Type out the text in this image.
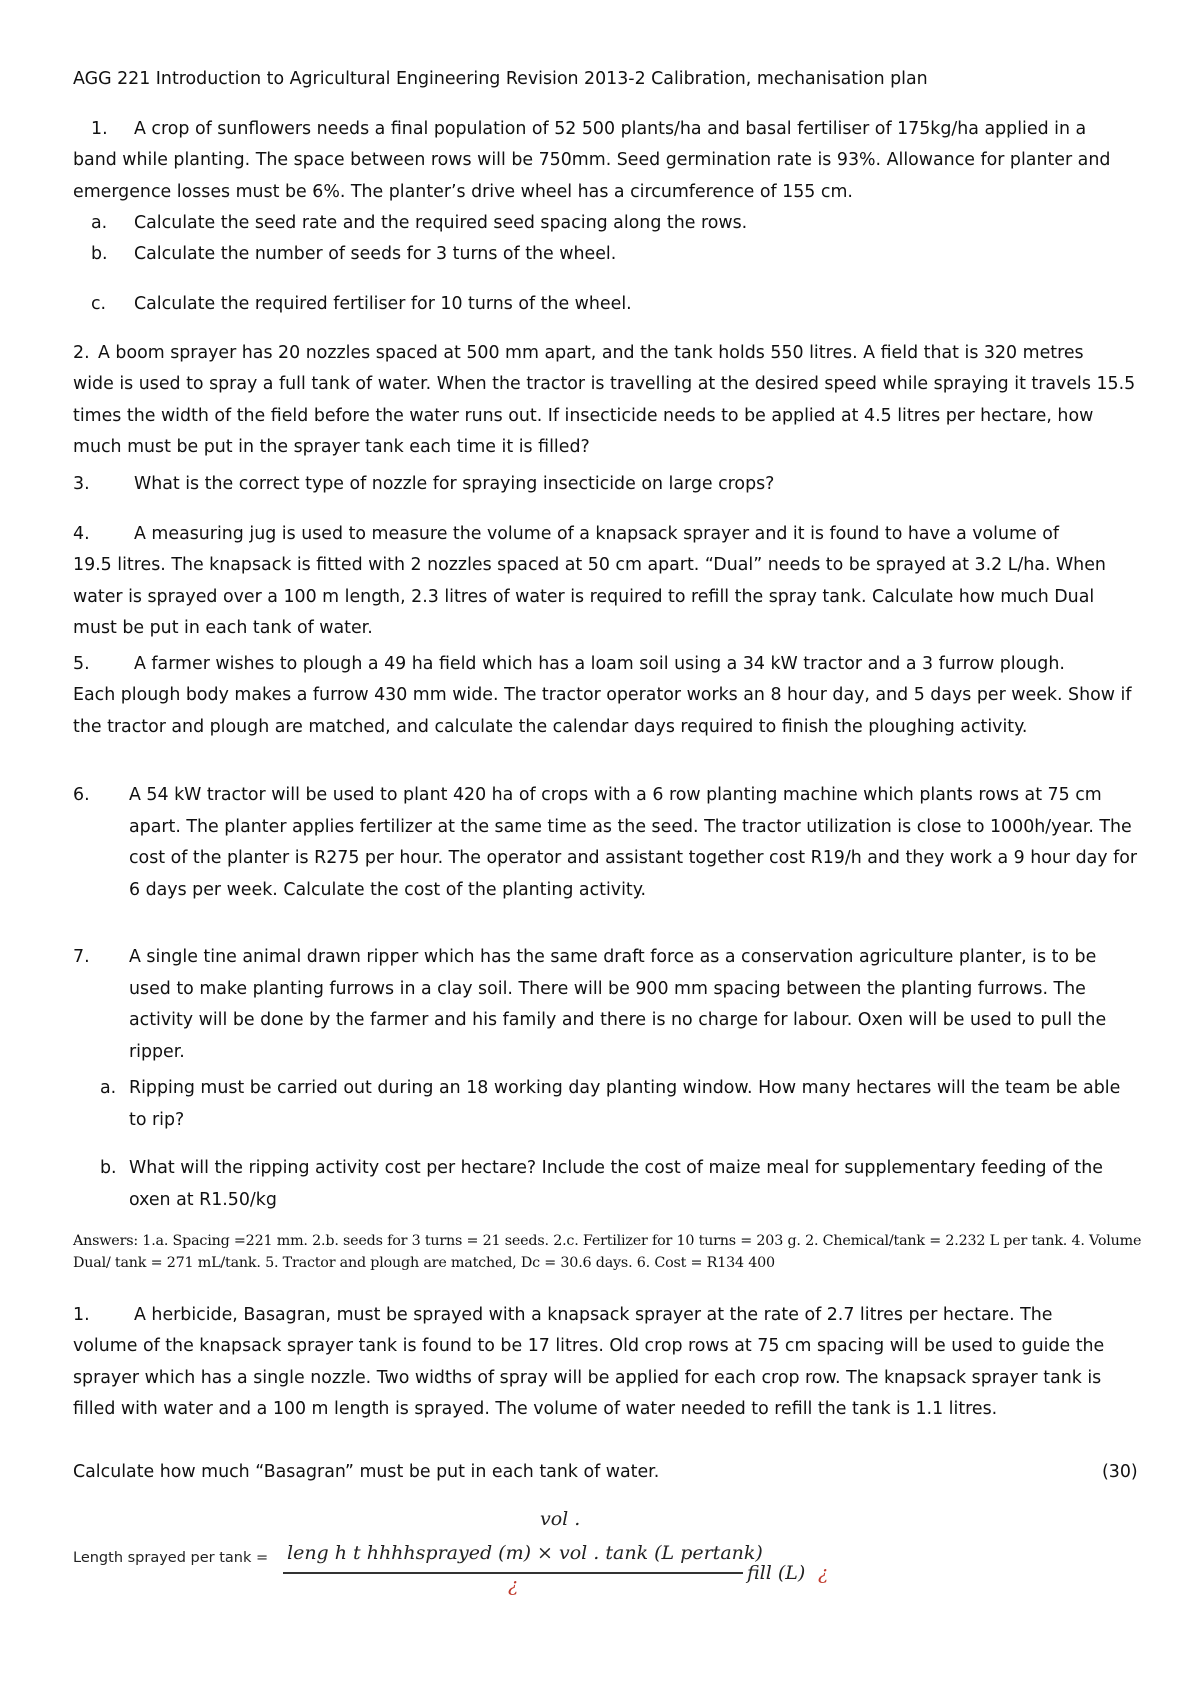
AGG 221 Introduction to Agricultural Engineering Revision 2013-2 Calibration, mechanisation plan
1. A crop of sunflowers needs a final population of 52 500 plants/ha and basal fertiliser of 175kg/ha applied in a
band while planting. The space between rows will be 750mm. Seed germination rate is 93%. Allowance for planter and emergence losses must be 6%. The planter’s drive wheel has a circumference of 155 cm.
a. Calculate the seed rate and the required seed spacing along the rows.
b. Calculate the number of seeds for 3 turns of the wheel.
c. Calculate the required fertiliser for 10 turns of the wheel.
2. A boom sprayer has 20 nozzles spaced at 500 mm apart, and the tank holds 550 litres. A field that is 320 metres
wide is used to spray a full tank of water. When the tractor is travelling at the desired speed while spraying it travels 15.5 times the width of the field before the water runs out. If insecticide needs to be applied at 4.5 litres per hectare, how much must be put in the sprayer tank each time it is filled?
3.	What is the correct type of nozzle for spraying insecticide on large crops?
4.	A measuring jug is used to measure the volume of a knapsack sprayer and it is found to have a volume of
19.5 litres. The knapsack is fitted with 2 nozzles spaced at 50 cm apart. “Dual” needs to be sprayed at 3.2 L/ha. When water is sprayed over a 100 m length, 2.3 litres of water is required to refill the spray tank. Calculate how much Dual must be put in each tank of water.
5.	A farmer wishes to plough a 49 ha field which has a loam soil using a 34 kW tractor and a 3 furrow plough.
Each plough body makes a furrow 430 mm wide. The tractor operator works an 8 hour day, and 5 days per week. Show if the tractor and plough are matched, and calculate the calendar days required to finish the ploughing activity.
6. A 54 kW tractor will be used to plant 420 ha of crops with a 6 row planting machine which plants rows at 75 cm apart. The planter applies fertilizer at the same time as the seed. The tractor utilization is close to 1000h/year. The cost of the planter is R275 per hour. The operator and assistant together cost R19/h and they work a 9 hour day for 6 days per week. Calculate the cost of the planting activity.
7. A single tine animal drawn ripper which has the same draft force as a conservation agriculture planter, is to be used to make planting furrows in a clay soil. There will be 900 mm spacing between the planting furrows. The activity will be done by the farmer and his family and there is no charge for labour. Oxen will be used to pull the ripper.
a. Ripping must be carried out during an 18 working day planting window. How many hectares will the team be able to rip?
b. What will the ripping activity cost per hectare? Include the cost of maize meal for supplementary feeding of the oxen at R1.50/kg
Answers: 1.a. Spacing =221 mm. 2.b. seeds for 3 turns = 21 seeds. 2.c. Fertilizer for 10 turns = 203 g. 2. Chemical/tank = 2.232 L per tank. 4. Volume Dual/ tank = 271 mL/tank. 5. Tractor and plough are matched, Dc = 30.6 days. 6. Cost = R134 400
1.	A herbicide, Basagran, must be sprayed with a knapsack sprayer at the rate of 2.7 litres per hectare. The
volume of the knapsack sprayer tank is found to be 17 litres. Old crop rows at 75 cm spacing will be used to guide the sprayer which has a single nozzle. Two widths of spray will be applied for each crop row. The knapsack sprayer tank is filled with water and a 100 m length is sprayed. The volume of water needed to refill the tank is 1.1 litres.
Calculate how much “Basagran” must be put in each tank of water.	(30)
Length sprayed per tank =
vol .
leng h t hhhhsprayed (m) × vol . tank (L pertank)
¿
fill (L) ¿
